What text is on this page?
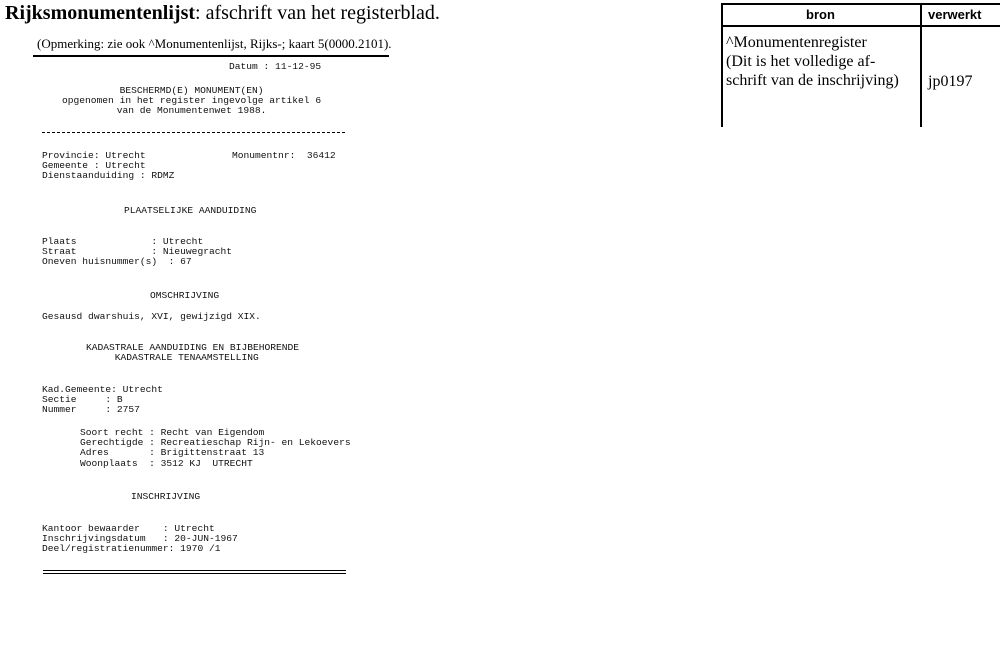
Rijksmonumentenlijst: afschrift van het registerblad.
(Opmerking: zie ook ^Monumentenlijst, Rijks-; kaart 5(0000.2101).
Datum : 11-12-95
BESCHERMD(E) MONUMENT(EN)
opgenomen in het register ingevolge artikel 6
van de Monumentenwet 1988.
Provincie: Utrecht
Gemeente : Utrecht
Dienstaanduiding : RDMZ
Monumentnr:  36412
PLAATSELIJKE AANDUIDING
Plaats             : Utrecht
Straat             : Nieuwegracht
Oneven huisnummer(s)  : 67
OMSCHRIJVING
Gesausd dwarshuis, XVI, gewijzigd XIX.
KADASTRALE AANDUIDING EN BIJBEHORENDE
KADASTRALE TENAAMSTELLING
Kad.Gemeente: Utrecht
Sectie     : B
Nummer     : 2757
Soort recht : Recht van Eigendom
Gerechtigde : Recreatieschap Rijn- en Lekoevers
Adres       : Brigittenstraat 13
Woonplaats  : 3512 KJ  UTRECHT
INSCHRIJVING
Kantoor bewaarder    : Utrecht
Inschrijvingsdatum   : 20-JUN-1967
Deel/registratienummer: 1970 /1
bron	verwerkt
^Monumentenregister
(Dit is het volledige af-
schrift van de inschrijving) jp0197
